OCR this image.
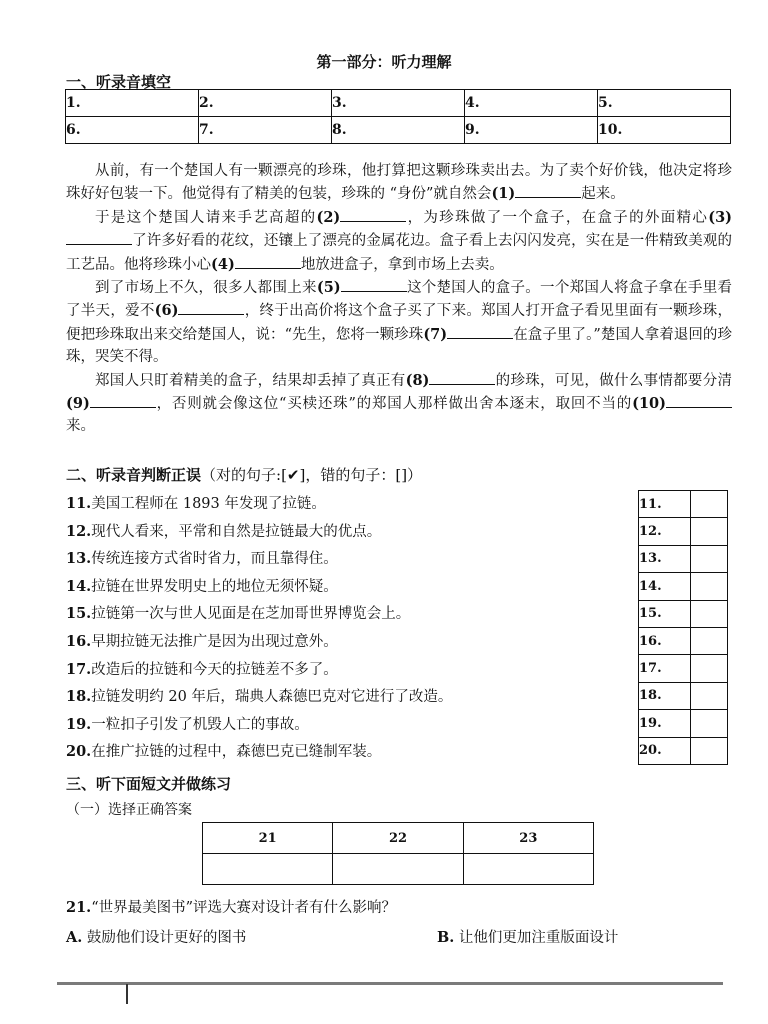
第一部分：听力理解
一、听录音填空
1.	2.	3.	4.	5.
6.	7.	8.	9.	10.

从前，有一个楚国人有一颗漂亮的珍珠，他打算把这颗珍珠卖出去。为了卖个好价钱，他决定将珍珠好好包装一下。他觉得有了精美的包装，珍珠的 “身份”就自然会(1)	起来。

于是这个楚国人请来手艺高超的(2)	，为珍珠做了一个盒子，在盒子的外面精心(3)了许多好看的花纹，还镶上了漂亮的金属花边。盒子看上去闪闪发亮，实在是一件精致美观的工艺品。他将珍珠小心(4)	地放进盒子，拿到市场上去卖。

到了市场上不久，很多人都围上来(5)	这个楚国人的盒子。一个郑国人将盒子拿在手里看了半天，爱不(6)	，终于出高价将这个盒子买了下来。郑国人打开盒子看见里面有一颗珍珠，便把珍珠取出来交给楚国人，说：“先生，您将一颗珍珠(7)	在盒子里了。”楚国人拿着退回的珍珠，哭笑不得。

郑国人只盯着精美的盒子，结果却丢掉了真正有(8)	的珍珠，可见，做什么事情都要分清(9)	，否则就会像这位“买椟还珠”的郑国人那样做出舍本逐末，取回不当的(10)来。

二、听录音判断正误（对的句子:[✔]，错的句子：[]）
11.美国工程师在 1893 年发现了拉链。
12.现代人看来，平常和自然是拉链最大的优点。
13.传统连接方式省时省力，而且靠得住。
14.拉链在世界发明史上的地位无须怀疑。
15.拉链第一次与世人见面是在芝加哥世界博览会上。
16.早期拉链无法推广是因为出现过意外。
17.改造后的拉链和今天的拉链差不多了。
18.拉链发明约 20 年后，瑞典人森德巴克对它进行了改造。
19.一粒扣子引发了机毁人亡的事故。
20.在推广拉链的过程中，森德巴克已缝制军装。
11.	
12.	
13.	
14.	
15.	
16.	
17.	
18.	
19.	
20.	
三、听下面短文并做练习
（一）选择正确答案
21	22	23

21.“世界最美图书”评选大赛对设计者有什么影响？
A. 鼓励他们设计更好的图书	B. 让他们更加注重版面设计
